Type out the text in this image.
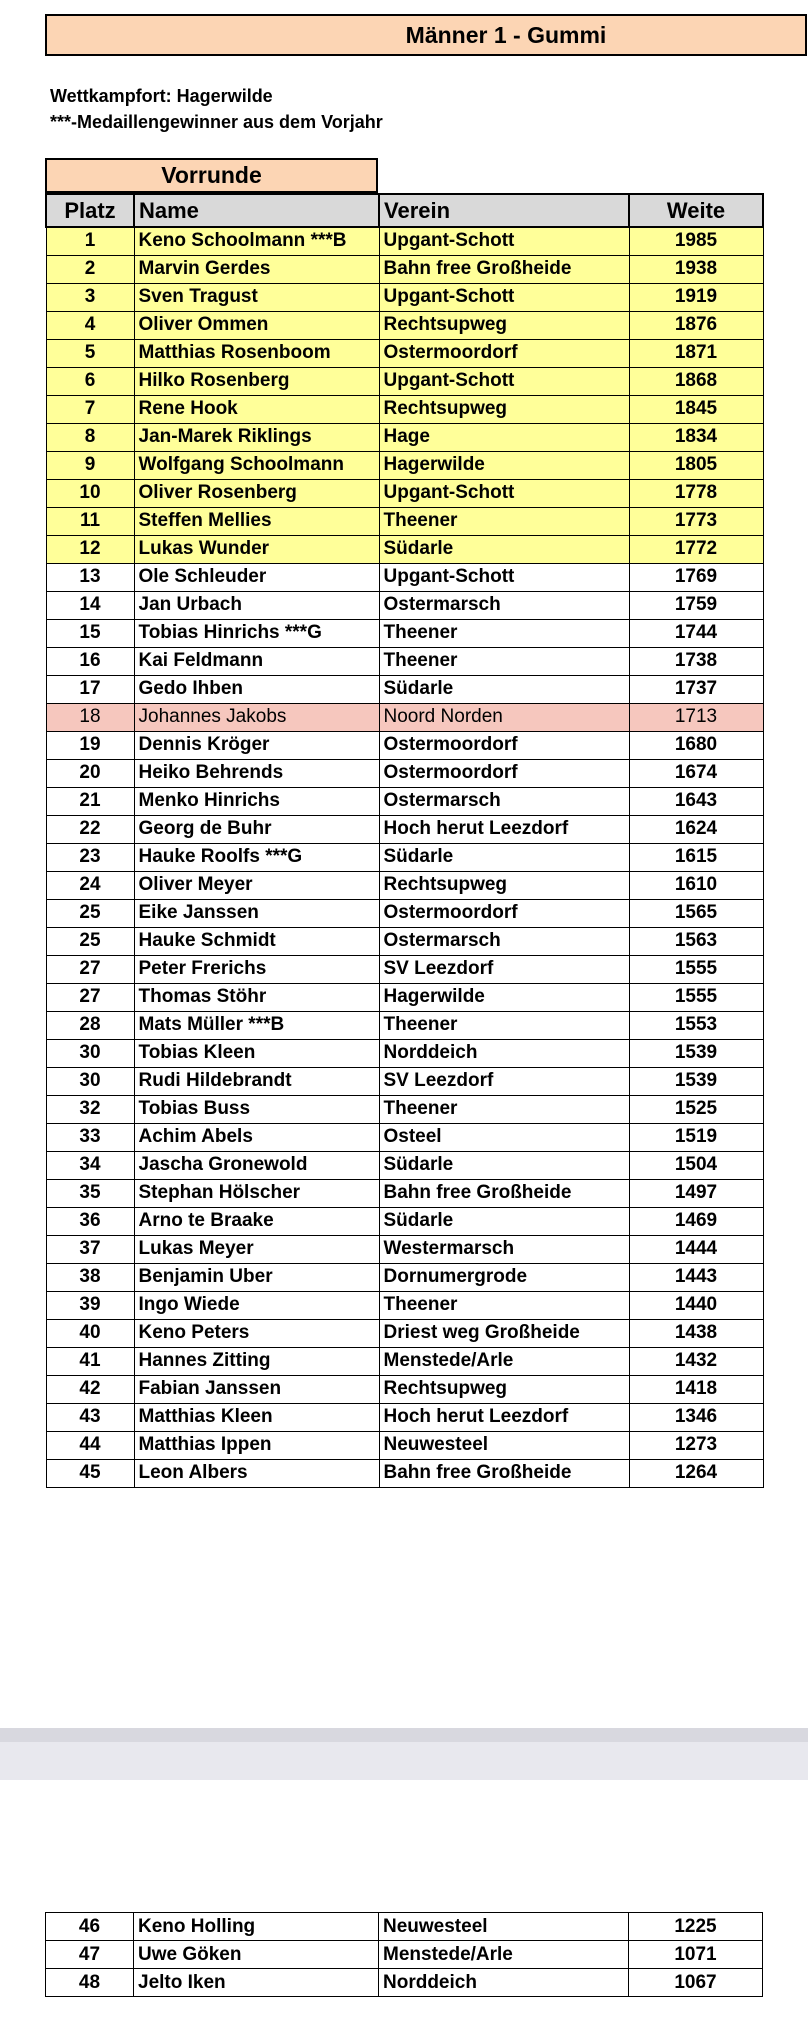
Männer 1 - Gummi
Wettkampfort: Hagerwilde
***-Medaillengewinner aus dem Vorjahr
Vorrunde
Platz	Name	Verein	Weite
1	Keno Schoolmann ***B	Upgant-Schott	1985
2	Marvin Gerdes	Bahn free Großheide	1938
3	Sven Tragust	Upgant-Schott	1919
4	Oliver Ommen	Rechtsupweg	1876
5	Matthias Rosenboom	Ostermoordorf	1871
6	Hilko Rosenberg	Upgant-Schott	1868
7	Rene Hook	Rechtsupweg	1845
8	Jan-Marek Riklings	Hage	1834
9	Wolfgang Schoolmann	Hagerwilde	1805
10	Oliver Rosenberg	Upgant-Schott	1778
11	Steffen Mellies	Theener	1773
12	Lukas Wunder	Südarle	1772
13	Ole Schleuder	Upgant-Schott	1769
14	Jan Urbach	Ostermarsch	1759
15	Tobias Hinrichs ***G	Theener	1744
16	Kai Feldmann	Theener	1738
17	Gedo Ihben	Südarle	1737
18	Johannes Jakobs	Noord Norden	1713
19	Dennis Kröger	Ostermoordorf	1680
20	Heiko Behrends	Ostermoordorf	1674
21	Menko Hinrichs	Ostermarsch	1643
22	Georg de Buhr	Hoch herut Leezdorf	1624
23	Hauke Roolfs ***G	Südarle	1615
24	Oliver Meyer	Rechtsupweg	1610
25	Eike Janssen	Ostermoordorf	1565
25	Hauke Schmidt	Ostermarsch	1563
27	Peter Frerichs	SV Leezdorf	1555
27	Thomas Stöhr	Hagerwilde	1555
28	Mats Müller ***B	Theener	1553
30	Tobias Kleen	Norddeich	1539
30	Rudi Hildebrandt	SV Leezdorf	1539
32	Tobias Buss	Theener	1525
33	Achim Abels	Osteel	1519
34	Jascha Gronewold	Südarle	1504
35	Stephan Hölscher	Bahn free Großheide	1497
36	Arno te Braake	Südarle	1469
37	Lukas Meyer	Westermarsch	1444
38	Benjamin Uber	Dornumergrode	1443
39	Ingo Wiede	Theener	1440
40	Keno Peters	Driest weg Großheide	1438
41	Hannes Zitting	Menstede/Arle	1432
42	Fabian Janssen	Rechtsupweg	1418
43	Matthias Kleen	Hoch herut Leezdorf	1346
44	Matthias Ippen	Neuwesteel	1273
45	Leon Albers	Bahn free Großheide	1264
46	Keno Holling	Neuwesteel	1225
47	Uwe Göken	Menstede/Arle	1071
48	Jelto Iken	Norddeich	1067
